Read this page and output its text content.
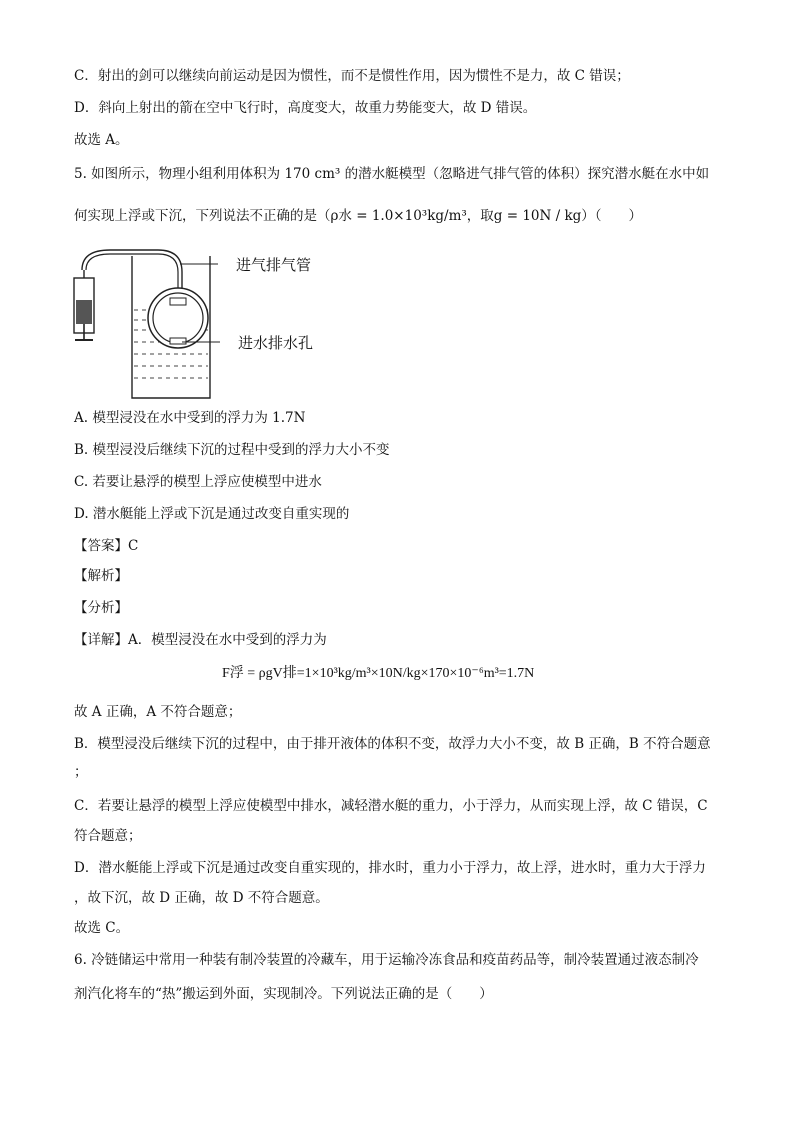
C．射出的剑可以继续向前运动是因为惯性，而不是惯性作用，因为惯性不是力，故 C 错误；
D．斜向上射出的箭在空中飞行时，高度变大，故重力势能变大，故 D 错误。
故选 A。
5. 如图所示，物理小组利用体积为 170 cm³ 的潜水艇模型（忽略进气排气管的体积）探究潜水艇在水中如
何实现上浮或下沉，下列说法不正确的是（ρ水 = 1.0×10³kg/m³，取g = 10N / kg）（　　）
进气排气管
进水排水孔
A. 模型浸没在水中受到的浮力为 1.7N
B. 模型浸没后继续下沉的过程中受到的浮力大小不变
C. 若要让悬浮的模型上浮应使模型中进水
D. 潜水艇能上浮或下沉是通过改变自重实现的
【答案】C
【解析】
【分析】
【详解】A．模型浸没在水中受到的浮力为
F浮 = ρgV排=1×10³kg/m³×10N/kg×170×10⁻⁶m³=1.7N
故 A 正确，A 不符合题意；
B．模型浸没后继续下沉的过程中，由于排开液体的体积不变，故浮力大小不变，故 B 正确，B 不符合题意
；
C．若要让悬浮的模型上浮应使模型中排水，减轻潜水艇的重力，小于浮力，从而实现上浮，故 C 错误，C
符合题意；
D．潜水艇能上浮或下沉是通过改变自重实现的，排水时，重力小于浮力，故上浮，进水时，重力大于浮力
，故下沉，故 D 正确，故 D 不符合题意。
故选 C。
6. 冷链储运中常用一种装有制冷装置的冷藏车，用于运输冷冻食品和疫苗药品等，制冷装置通过液态制冷
剂汽化将车的“热”搬运到外面，实现制冷。下列说法正确的是（　　）
